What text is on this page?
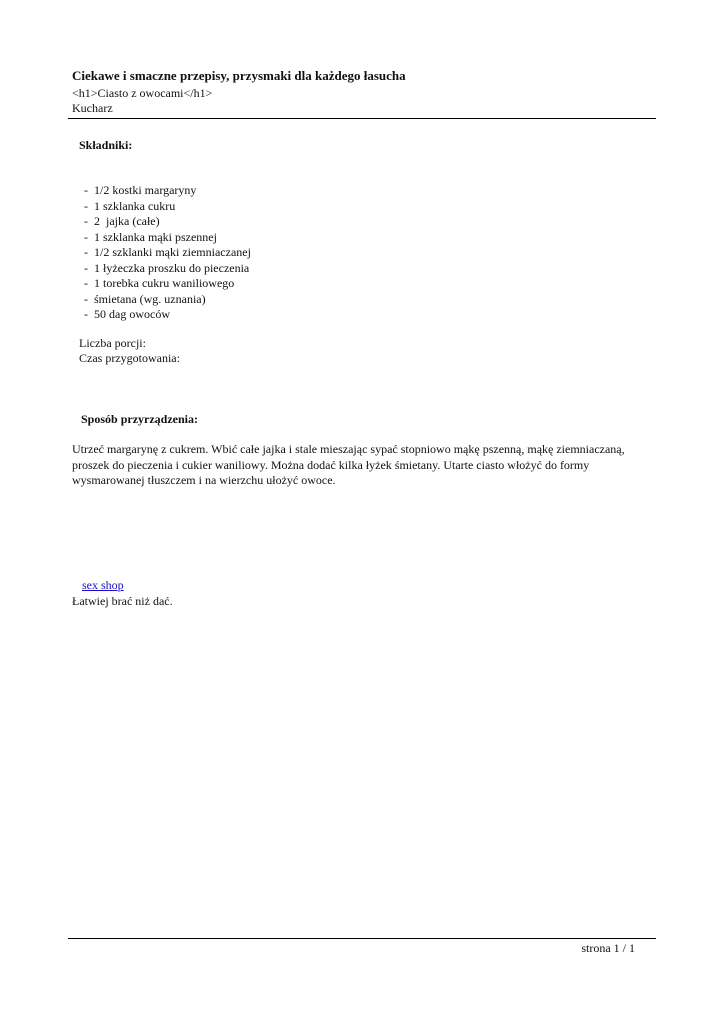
Ciekawe i smaczne przepisy, przysmaki dla każdego łasucha
<h1>Ciasto z owocami</h1>
Kucharz
Składniki:
-  1/2 kostki margaryny
-  1 szklanka cukru
-  2  jajka (całe)
-  1 szklanka mąki pszennej
-  1/2 szklanki mąki ziemniaczanej
-  1 łyżeczka proszku do pieczenia
-  1 torebka cukru waniliowego
-  śmietana (wg. uznania)
-  50 dag owoców
Liczba porcji:
Czas przygotowania:
Sposób przyrządzenia:
Utrzeć margarynę z cukrem. Wbić całe jajka i stale mieszając sypać stopniowo mąkę pszenną, mąkę ziemniaczaną, proszek do pieczenia i cukier waniliowy. Można dodać kilka łyżek śmietany. Utarte ciasto włożyć do formy wysmarowanej tłuszczem i na wierzchu ułożyć owoce.
sex shop
Łatwiej brać niż dać.
strona 1 / 1
